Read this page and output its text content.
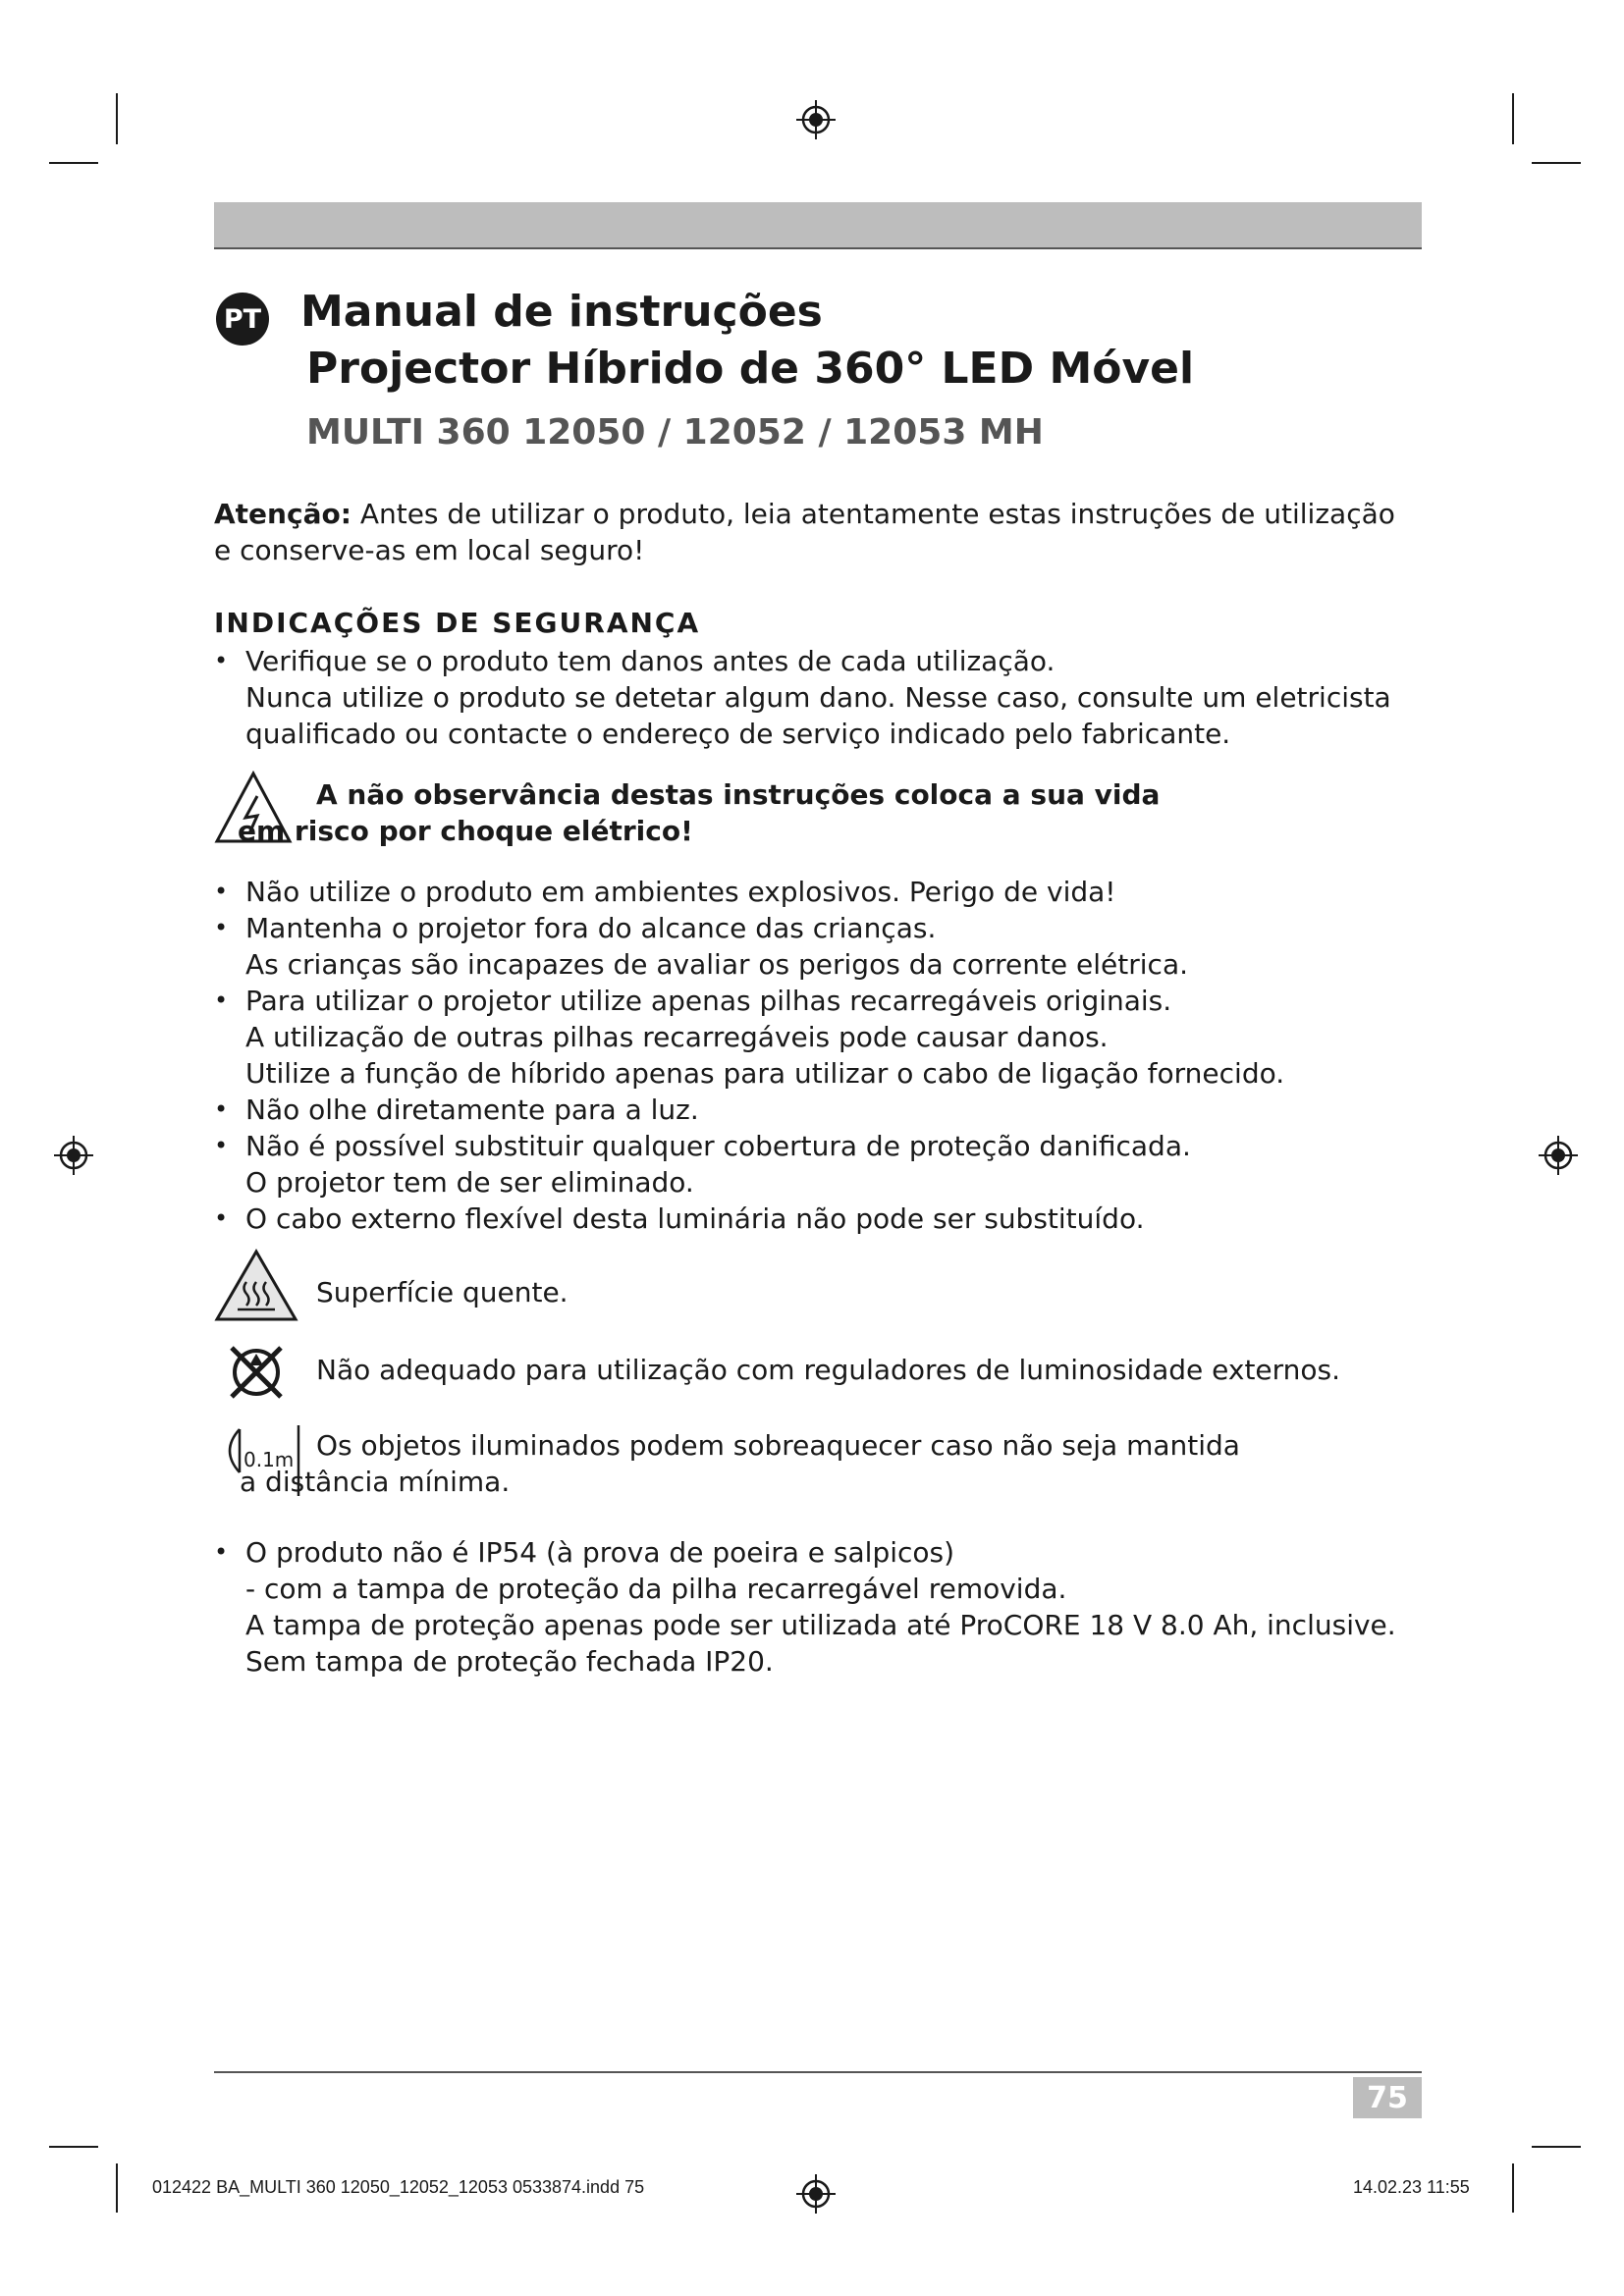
PT Manual de instruções
Projector Híbrido de 360° LED Móvel
MULTI 360 12050 / 12052 / 12053 MH
Atenção: Antes de utilizar o produto, leia atentamente estas instruções de utilização e conserve-as em local seguro!
INDICAÇÕES DE SEGURANÇA
• Verifique se o produto tem danos antes de cada utilização.
Nunca utilize o produto se detetar algum dano. Nesse caso, consulte um eletricista
qualificado ou contacte o endereço de serviço indicado pelo fabricante.
A não observância destas instruções coloca a sua vida
em risco por choque elétrico!
• Não utilize o produto em ambientes explosivos. Perigo de vida!
• Mantenha o projetor fora do alcance das crianças.
As crianças são incapazes de avaliar os perigos da corrente elétrica.
• Para utilizar o projetor utilize apenas pilhas recarregáveis originais.
A utilização de outras pilhas recarregáveis pode causar danos.
Utilize a função de híbrido apenas para utilizar o cabo de ligação fornecido.
• Não olhe diretamente para a luz.
• Não é possível substituir qualquer cobertura de proteção danificada.
O projetor tem de ser eliminado.
• O cabo externo flexível desta luminária não pode ser substituído.
Superfície quente.
Não adequado para utilização com reguladores de luminosidade externos.
0.1m Os objetos iluminados podem sobreaquecer caso não seja mantida
a distância mínima.
• O produto não é IP54 (à prova de poeira e salpicos)
- com a tampa de proteção da pilha recarregável removida.
A tampa de proteção apenas pode ser utilizada até ProCORE 18 V 8.0 Ah, inclusive.
Sem tampa de proteção fechada IP20.
75
012422 BA_MULTI 360 12050_12052_12053 0533874.indd 75	14.02.23 11:55
